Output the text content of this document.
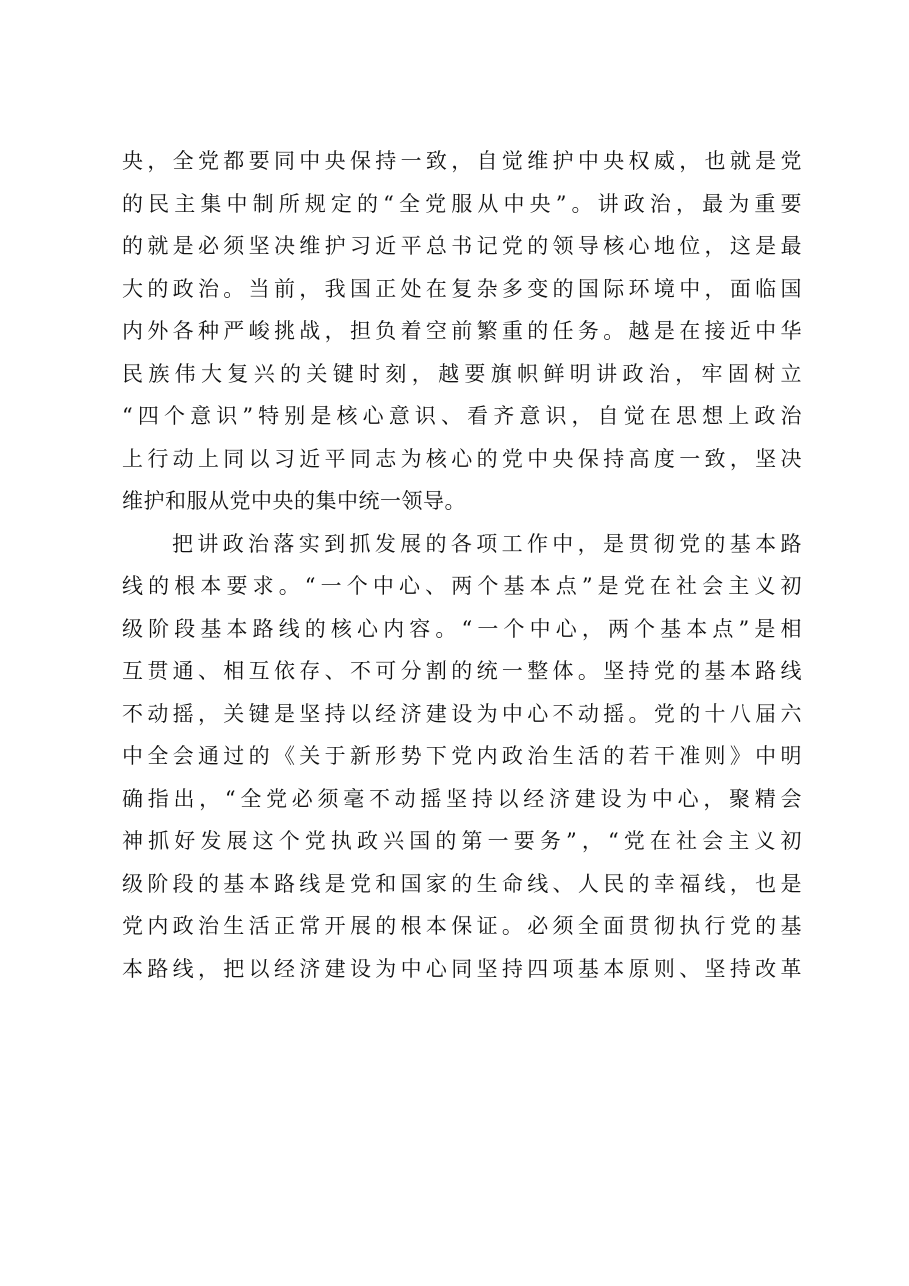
央，全党都要同中央保持一致，自觉维护中央权威，也就是党
的民主集中制所规定的“全党服从中央”。讲政治，最为重要
的就是必须坚决维护习近平总书记党的领导核心地位，这是最
大的政治。当前，我国正处在复杂多变的国际环境中，面临国
内外各种严峻挑战，担负着空前繁重的任务。越是在接近中华
民族伟大复兴的关键时刻，越要旗帜鲜明讲政治，牢固树立
“四个意识”特别是核心意识、看齐意识，自觉在思想上政治
上行动上同以习近平同志为核心的党中央保持高度一致，坚决
维护和服从党中央的集中统一领导。
把讲政治落实到抓发展的各项工作中，是贯彻党的基本路
线的根本要求。“一个中心、两个基本点”是党在社会主义初
级阶段基本路线的核心内容。“一个中心，两个基本点”是相
互贯通、相互依存、不可分割的统一整体。坚持党的基本路线
不动摇，关键是坚持以经济建设为中心不动摇。党的十八届六
中全会通过的《关于新形势下党内政治生活的若干准则》中明
确指出，“全党必须毫不动摇坚持以经济建设为中心，聚精会
神抓好发展这个党执政兴国的第一要务”，“党在社会主义初
级阶段的基本路线是党和国家的生命线、人民的幸福线，也是
党内政治生活正常开展的根本保证。必须全面贯彻执行党的基
本路线，把以经济建设为中心同坚持四项基本原则、坚持改革
